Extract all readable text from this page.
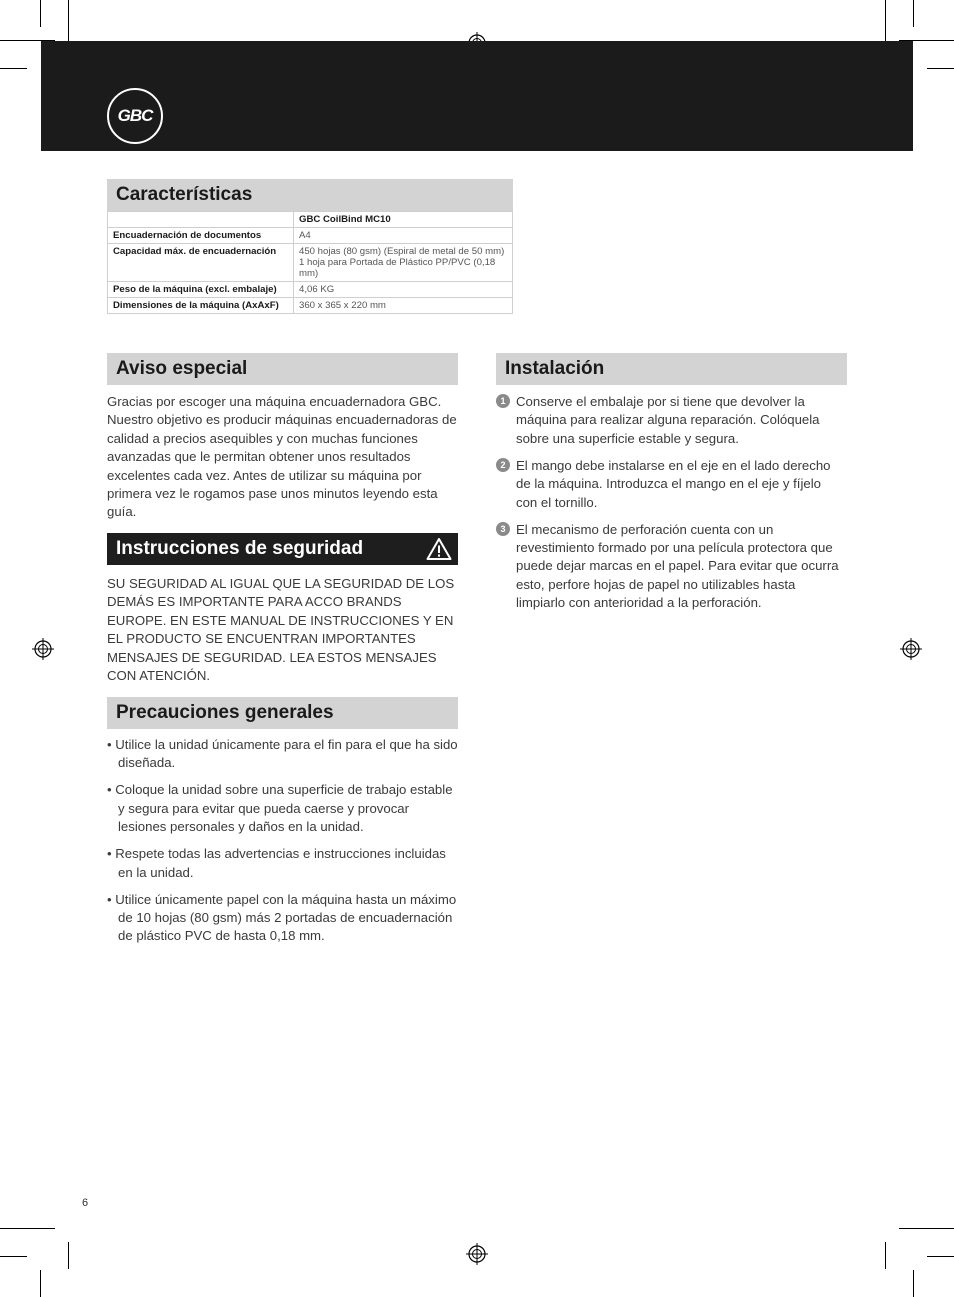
GBC
Características
	GBC CoilBind MC10
Encuadernación de documentos	A4
Capacidad máx. de encuadernación	450 hojas (80 gsm) (Espiral de metal de 50 mm)
1 hoja para Portada de Plástico PP/PVC (0,18 mm)

Peso de la máquina (excl. embalaje)	4,06 KG
Dimensiones de la máquina (AxAxF)	360 x 365 x 220 mm
Aviso especial
Gracias por escoger una máquina encuadernadora GBC. Nuestro objetivo es producir máquinas encuadernadoras de calidad a precios asequibles y con muchas funciones avanzadas que le permitan obtener unos resultados excelentes cada vez. Antes de utilizar su máquina por primera vez le rogamos pase unos minutos leyendo esta guía.
Instrucciones de seguridad
SU SEGURIDAD AL IGUAL QUE LA SEGURIDAD DE LOS DEMÁS ES IMPORTANTE PARA ACCO BRANDS EUROPE. EN ESTE MANUAL DE INSTRUCCIONES Y EN EL PRODUCTO SE ENCUENTRAN IMPORTANTES MENSAJES DE SEGURIDAD. LEA ESTOS MENSAJES CON ATENCIÓN.
Precauciones generales

• Utilice la unidad únicamente para el fin para el que ha sido diseñada.

• Coloque la unidad sobre una superficie de trabajo estable y segura para evitar que pueda caerse y provocar lesiones personales y daños en la unidad.

• Respete todas las advertencias e instrucciones incluidas en la unidad.

• Utilice únicamente papel con la máquina hasta un máximo de 10 hojas (80 gsm) más 2 portadas de encuadernación de plástico PVC de hasta 0,18 mm.

Instalación

1 Conserve el embalaje por si tiene que devolver la máquina para realizar alguna reparación. Colóquela sobre una superficie estable y segura.

2 El mango debe instalarse en el eje en el lado derecho de la máquina. Introduzca el mango en el eje y fíjelo con el tornillo.

3 El mecanismo de perforación cuenta con un revestimiento formado por una película protectora que puede dejar marcas en el papel. Para evitar que ocurra esto, perfore hojas de papel no utilizables hasta limpiarlo con anterioridad a la perforación.

6
